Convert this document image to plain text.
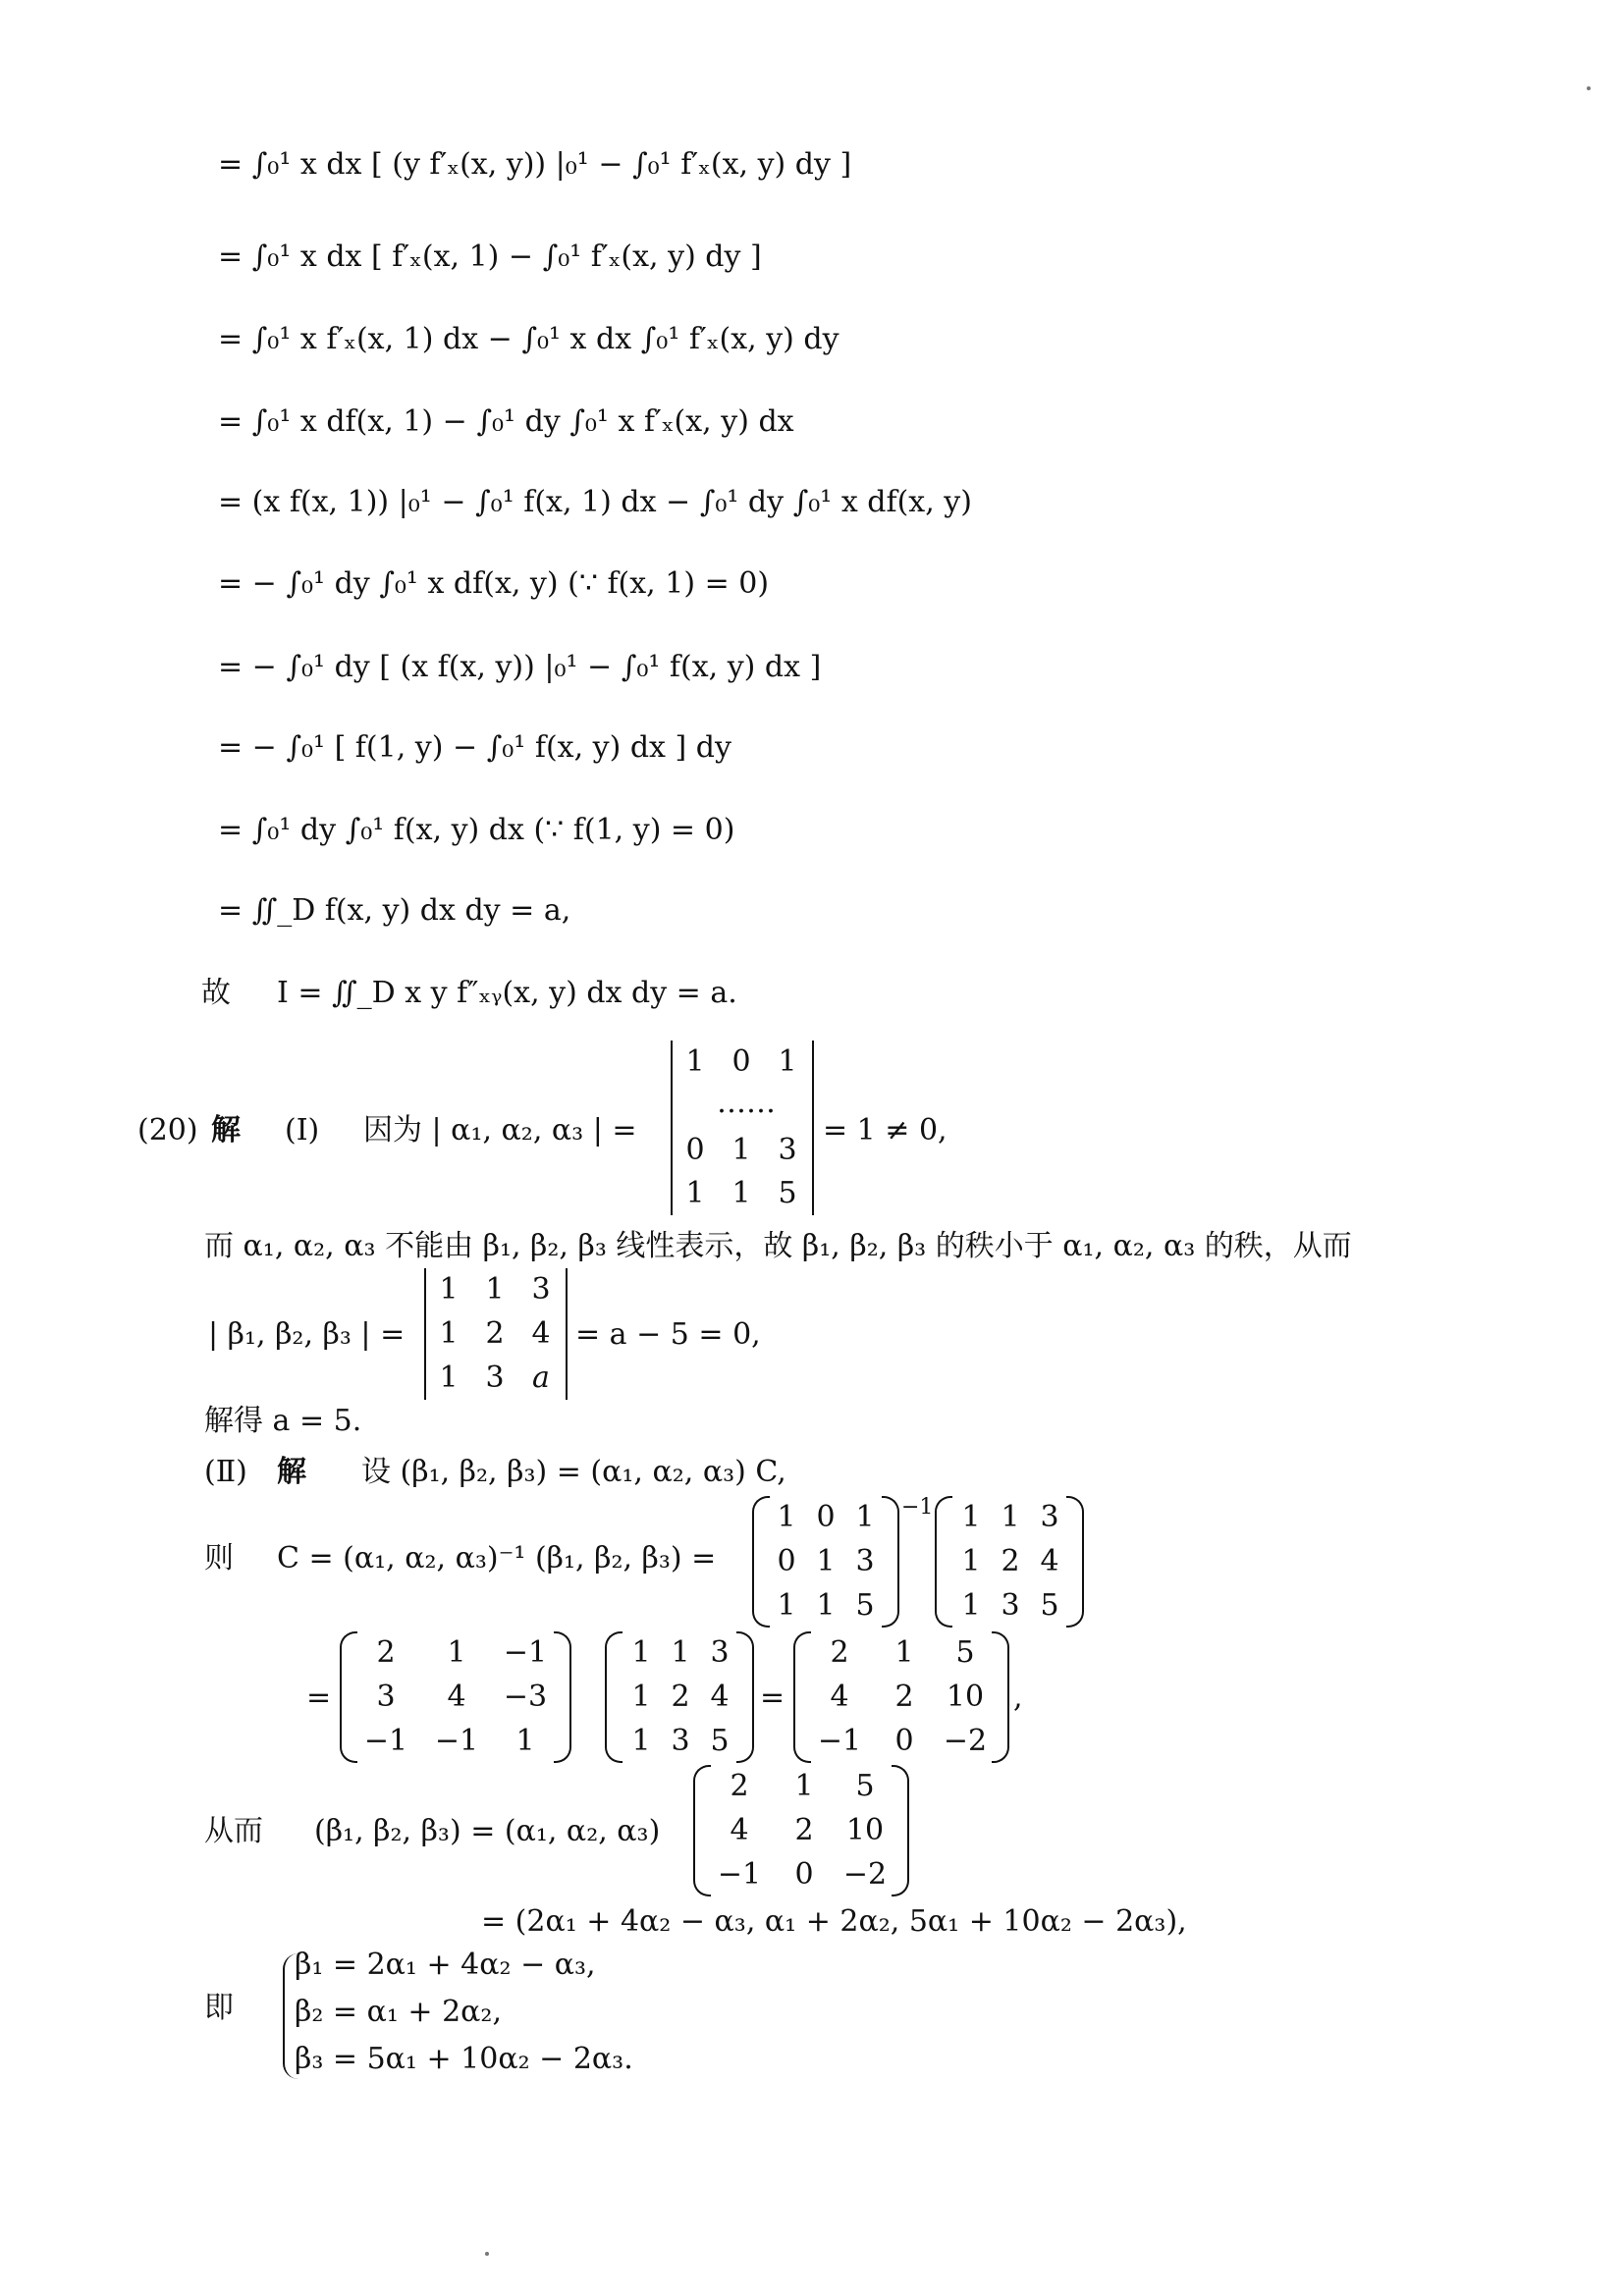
= ∫₀¹ x dx [ (y f′ₓ(x, y)) |₀¹ − ∫₀¹ f′ₓ(x, y) dy ]
= ∫₀¹ x dx [ f′ₓ(x, 1) − ∫₀¹ f′ₓ(x, y) dy ]
= ∫₀¹ x f′ₓ(x, 1) dx − ∫₀¹ x dx ∫₀¹ f′ₓ(x, y) dy
= ∫₀¹ x df(x, 1) − ∫₀¹ dy ∫₀¹ x f′ₓ(x, y) dx
= (x f(x, 1)) |₀¹ − ∫₀¹ f(x, 1) dx − ∫₀¹ dy ∫₀¹ x df(x, y)
= − ∫₀¹ dy ∫₀¹ x df(x, y) (∵ f(x, 1) = 0)
= − ∫₀¹ dy [ (x f(x, y)) |₀¹ − ∫₀¹ f(x, y) dx ]
= − ∫₀¹ [ f(1, y) − ∫₀¹ f(x, y) dx ] dy
= ∫₀¹ dy ∫₀¹ f(x, y) dx (∵ f(1, y) = 0)
= ∬_D f(x, y) dx dy = a,
故 I = ∬_D x y f″ₓᵧ(x, y) dx dy = a.
(20) 解 (Ⅰ) 因为 | α₁, α₂, α₃ | =
1 0 1
……
0 1 3
1 1 5
= 1 ≠ 0,
而 α₁, α₂, α₃ 不能由 β₁, β₂, β₃ 线性表示，故 β₁, β₂, β₃ 的秩小于 α₁, α₂, α₃ 的秩，从而
| β₁, β₂, β₃ | =
1 1 3
1 2 4
1 3 a
= a − 5 = 0,
解得 a = 5.
(Ⅱ) 解 设 (β₁, β₂, β₃) = (α₁, α₂, α₃) C,
则 C = (α₁, α₂, α₃)⁻¹ (β₁, β₂, β₃) =
1 0 1
0 1 3
1 1 5
−1 1 1 3
1 2 4
1 3 5
=
2	1	−1
3	4	−3
−1 −1	1
1 1 3
1 2 4
1 3 5
=
2	1	5
4	2	10
−1	0	−2
,
从而 (β₁, β₂, β₃) = (α₁, α₂, α₃)
2	1	5
4	2	10
−1	0	−2
= (2α₁ + 4α₂ − α₃, α₁ + 2α₂, 5α₁ + 10α₂ − 2α₃),
即
β₁ = 2α₁ + 4α₂ − α₃,
β₂ = α₁ + 2α₂,
β₃ = 5α₁ + 10α₂ − 2α₃.
